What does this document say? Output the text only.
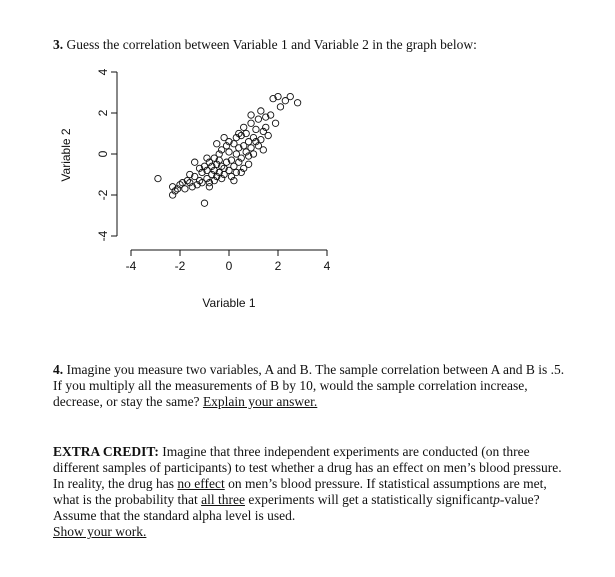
3. Guess the correlation between Variable 1 and Variable 2 in the graph below:
-4	-2	0	2	4
-4
-2
0
2
4
Variable 1
Variable 2
4. Imagine you measure two variables, A and B. The sample correlation between A and B is .5. If you multiply all the measurements of B by 10, would the sample correlation increase, decrease, or stay the same? Explain your answer.
EXTRA CREDIT: Imagine that three independent experiments are conducted (on three different samples of participants) to test whether a drug has an effect on men’s blood pressure. In reality, the drug has no effect on men’s blood pressure. If statistical assumptions are met, what is the probability that all three experiments will get a statistically significantp-value? Assume that the standard alpha level is used.
Show your work.
